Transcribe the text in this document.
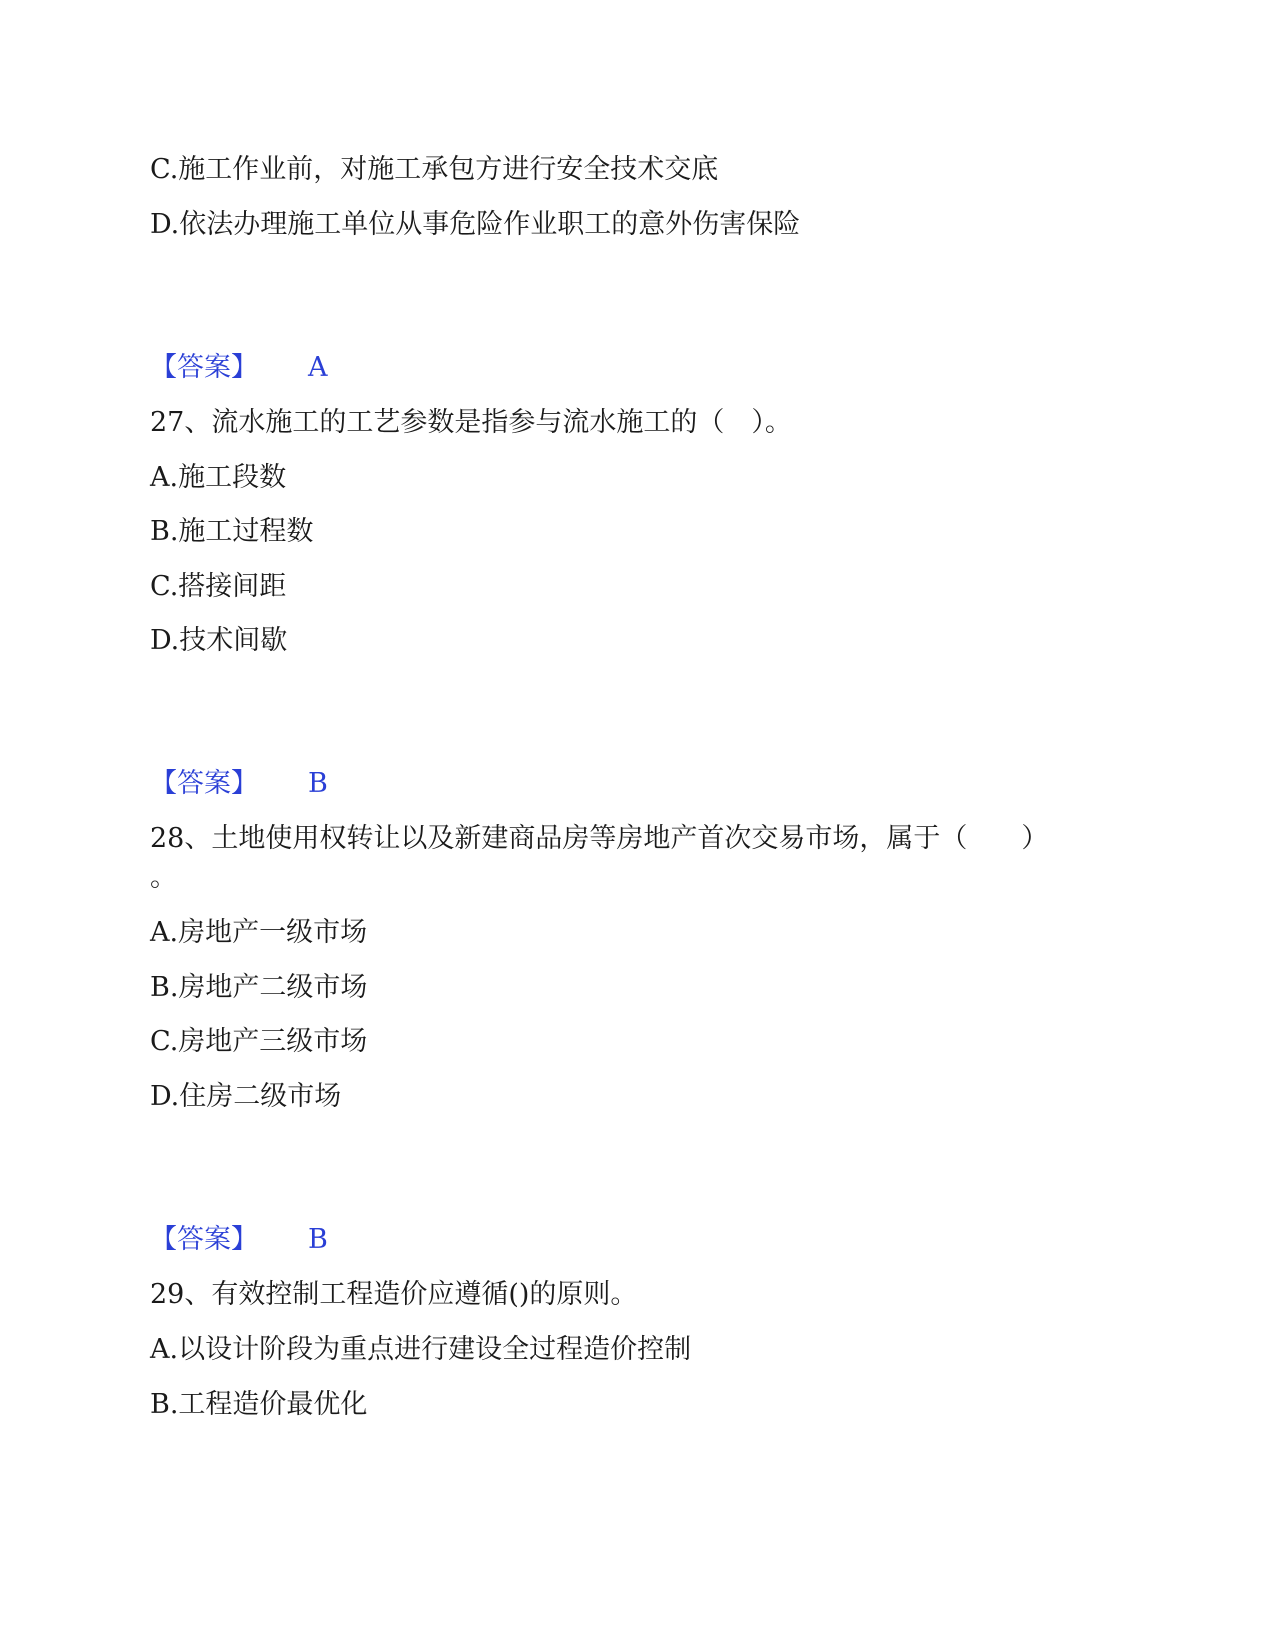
C.施工作业前，对施工承包方进行安全技术交底
D.依法办理施工单位从事危险作业职工的意外伤害保险
【答案】 A
27、流水施工的工艺参数是指参与流水施工的（　）。
A.施工段数
B.施工过程数
C.搭接间距
D.技术间歇
【答案】 B
28、土地使用权转让以及新建商品房等房地产首次交易市场，属于（　　）
。
A.房地产一级市场
B.房地产二级市场
C.房地产三级市场
D.住房二级市场
【答案】 B
29、有效控制工程造价应遵循()的原则。
A.以设计阶段为重点进行建设全过程造价控制
B.工程造价最优化
